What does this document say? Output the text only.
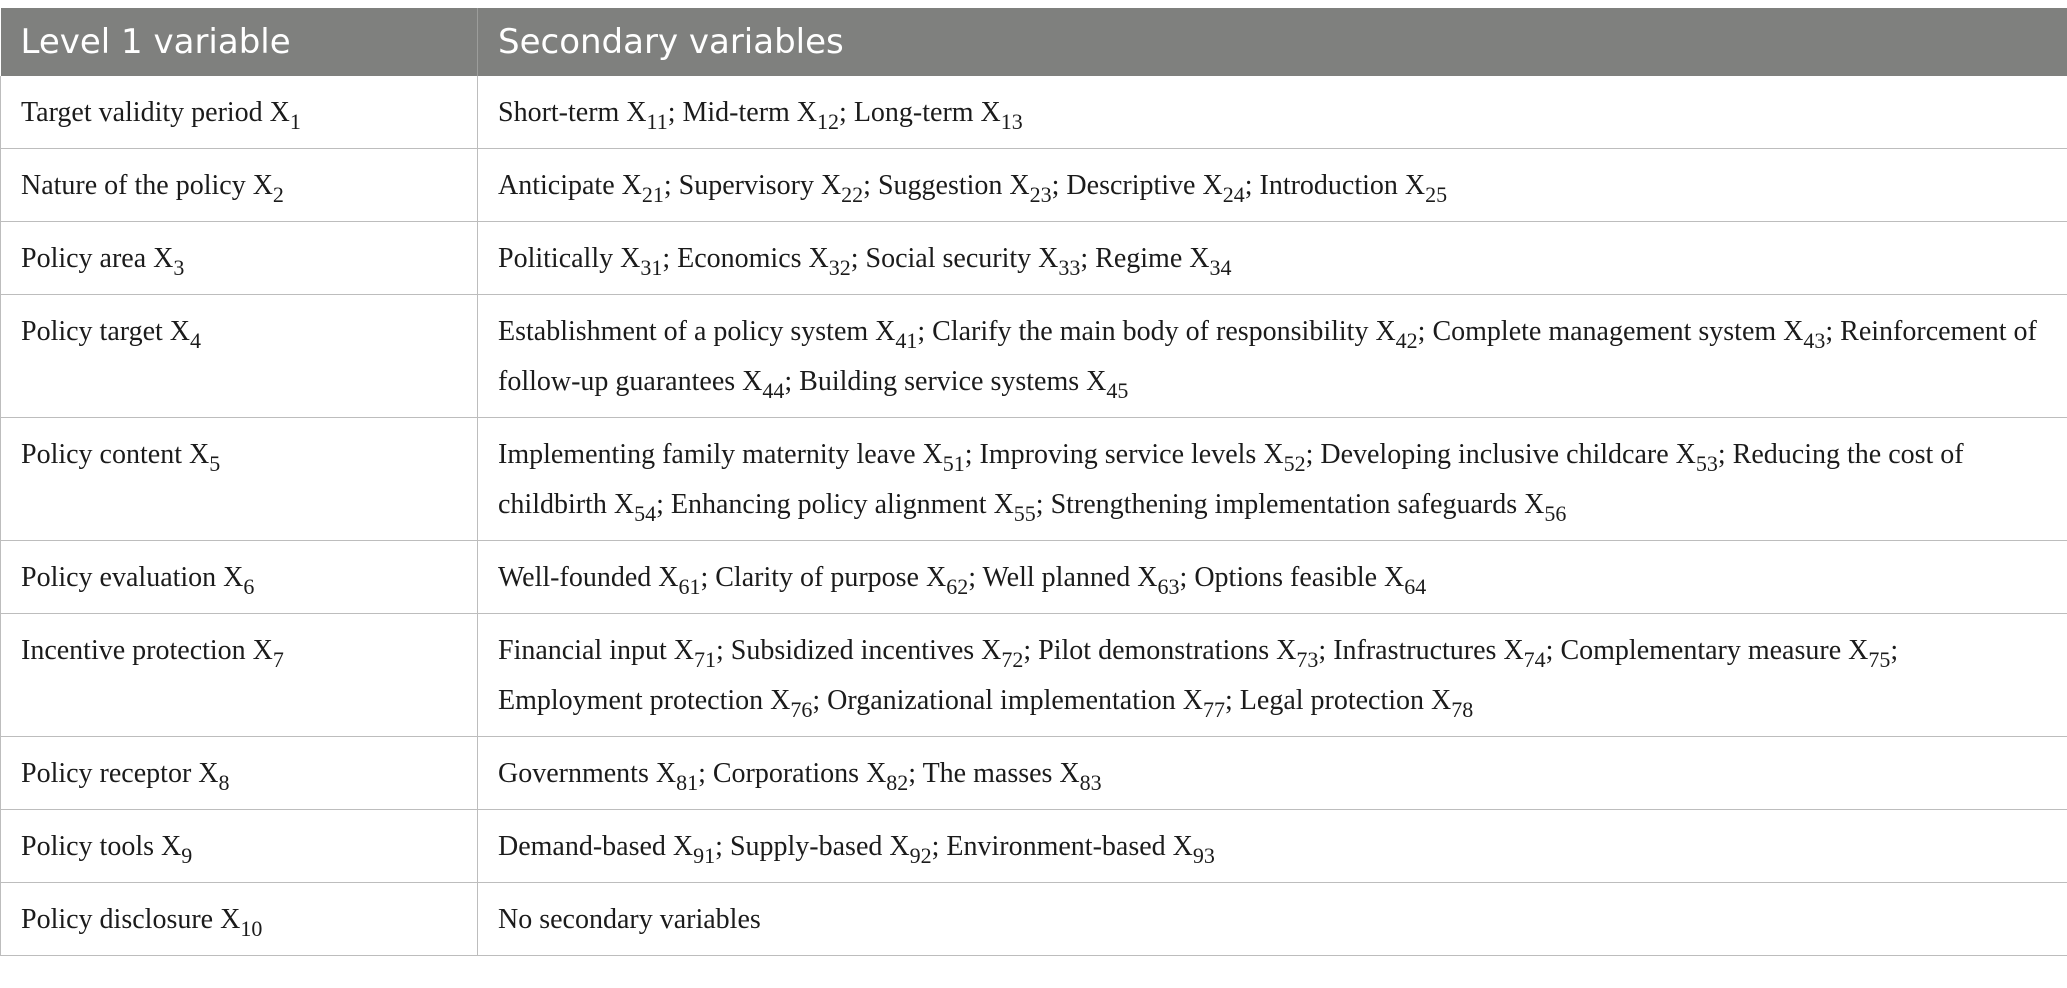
Level 1 variable	Secondary variables
Target validity period $X_1$	Short-term $X_{11}$; Mid-term $X_{12}$; Long-term $X_{13}$
Nature of the policy $X_2$	Anticipate $X_{21}$; Supervisory $X_{22}$; Suggestion $X_{23}$; Descriptive $X_{24}$; Introduction $X_{25}$
Policy area $X_3$	Politically $X_{31}$; Economics $X_{32}$; Social security $X_{33}$; Regime $X_{34}$
Policy target $X_4$	Establishment of a policy system $X_{41}$; Clarify the main body of responsibility $X_{42}$; Complete management system $X_{43}$; Reinforcement of follow-up guarantees $X_{44}$; Building service systems $X_{45}$
Policy content $X_5$	Implementing family maternity leave $X_{51}$; Improving service levels $X_{52}$; Developing inclusive childcare $X_{53}$; Reducing the cost of childbirth $X_{54}$; Enhancing policy alignment $X_{55}$; Strengthening implementation safeguards $X_{56}$
Policy evaluation $X_6$	Well-founded $X_{61}$; Clarity of purpose $X_{62}$; Well planned $X_{63}$; Options feasible $X_{64}$
Incentive protection $X_7$	Financial input $X_{71}$; Subsidized incentives $X_{72}$; Pilot demonstrations $X_{73}$; Infrastructures $X_{74}$; Complementary measure $X_{75}$; Employment protection $X_{76}$; Organizational implementation $X_{77}$; Legal protection $X_{78}$
Policy receptor $X_8$	Governments $X_{81}$; Corporations $X_{82}$; The masses $X_{83}$
Policy tools $X_9$	Demand-based $X_{91}$; Supply-based $X_{92}$; Environment-based $X_{93}$
Policy disclosure $X_{10}$	No secondary variables
